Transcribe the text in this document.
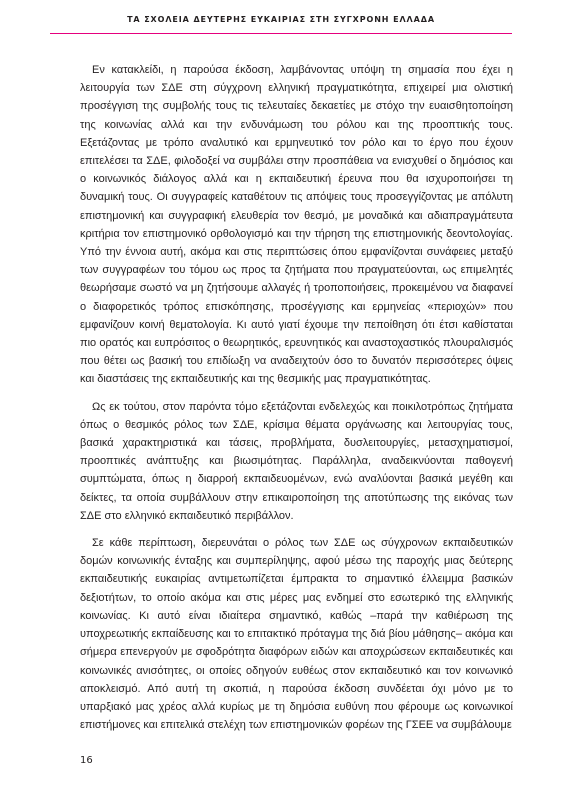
ΤΑ ΣΧΟΛΕΙΑ ΔΕΥΤΕΡΗΣ ΕΥΚΑΙΡΙΑΣ ΣΤΗ ΣΥΓΧΡΟΝΗ ΕΛΛΑΔΑ

Εν κατακλείδι, η παρούσα έκδοση, λαμβάνοντας υπόψη τη σημασία που έχει η λειτουργία των ΣΔΕ στη σύγχρονη ελληνική πραγματικότητα, επιχειρεί μια ολιστική προσέγγιση της συμβολής τους τις τελευταίες δεκαετίες με στόχο την ευαισθητοποίηση της κοινωνίας αλλά και την ενδυνάμωση του ρόλου και της προοπτικής τους. Εξετάζοντας με τρόπο αναλυτικό και ερμηνευτικό τον ρόλο και το έργο που έχουν επιτελέσει τα ΣΔΕ, φιλοδοξεί να συμβάλει στην προσπάθεια να ενισχυθεί ο δημόσιος και ο κοινωνικός διάλογος αλλά και η εκπαιδευτική έρευνα που θα ισχυροποιήσει τη δυναμική τους. Οι συγγραφείς καταθέτουν τις απόψεις τους προσεγγίζοντας με απόλυτη επιστημονική και συγγραφική ελευθερία τον θεσμό, με μοναδικά και αδιαπραγμάτευτα κριτήρια τον επιστημονικό ορθολογισμό και την τήρηση της επιστημονικής δεοντολογίας. Υπό την έννοια αυτή, ακόμα και στις περιπτώσεις όπου εμφανίζονται συνάφειες μεταξύ των συγγραφέων του τόμου ως προς τα ζητήματα που πραγματεύονται, ως επιμελητές θεωρήσαμε σωστό να μη ζητήσουμε αλλαγές ή τροποποιήσεις, προκειμένου να διαφανεί ο διαφορετικός τρόπος επισκόπησης, προσέγγισης και ερμηνείας «περιοχών» που εμφανίζουν κοινή θεματολογία. Κι αυτό γιατί έχουμε την πεποίθηση ότι έτσι καθίσταται πιο ορατός και ευπρόσιτος ο θεωρητικός, ερευνητικός και αναστοχαστικός πλουραλισμός που θέτει ως βασική του επιδίωξη να αναδειχτούν όσο το δυνατόν περισσότερες όψεις και διαστάσεις της εκπαιδευτικής και της θεσμικής μας πραγματικότητας.

Ως εκ τούτου, στον παρόντα τόμο εξετάζονται ενδελεχώς και ποικιλοτρόπως ζητήματα όπως ο θεσμικός ρόλος των ΣΔΕ, κρίσιμα θέματα οργάνωσης και λειτουργίας τους, βασικά χαρακτηριστικά και τάσεις, προβλήματα, δυσλειτουργίες, μετασχηματισμοί, προοπτικές ανάπτυξης και βιωσιμότητας. Παράλληλα, αναδεικνύονται παθογενή συμπτώματα, όπως η διαρροή εκπαιδευομένων, ενώ αναλύονται βασικά μεγέθη και δείκτες, τα οποία συμβάλλουν στην επικαιροποίηση της αποτύπωσης της εικόνας των ΣΔΕ στο ελληνικό εκπαιδευτικό περιβάλλον.

Σε κάθε περίπτωση, διερευνάται ο ρόλος των ΣΔΕ ως σύγχρονων εκπαιδευτικών δομών κοινωνικής ένταξης και συμπερίληψης, αφού μέσω της παροχής μιας δεύτερης εκπαιδευτικής ευκαιρίας αντιμετωπίζεται έμπρακτα το σημαντικό έλλειμμα βασικών δεξιοτήτων, το οποίο ακόμα και στις μέρες μας ενδημεί στο εσωτερικό της ελληνικής κοινωνίας. Κι αυτό είναι ιδιαίτερα σημαντικό, καθώς –παρά την καθιέρωση της υποχρεωτικής εκπαίδευσης και το επιτακτικό πρόταγμα της διά βίου μάθησης– ακόμα και σήμερα επενεργούν με σφοδρότητα διαφόρων ειδών και αποχρώσεων εκπαιδευτικές και κοινωνικές ανισότητες, οι οποίες οδηγούν ευθέως στον εκπαιδευτικό και τον κοινωνικό αποκλεισμό. Από αυτή τη σκοπιά, η παρούσα έκδοση συνδέεται όχι μόνο με το υπαρξιακό μας χρέος αλλά κυρίως με τη δημόσια ευθύνη που φέρουμε ως κοινωνικοί επιστήμονες και επιτελικά στελέχη των επιστημονικών φορέων της ΓΣΕΕ να συμβάλουμε

16
